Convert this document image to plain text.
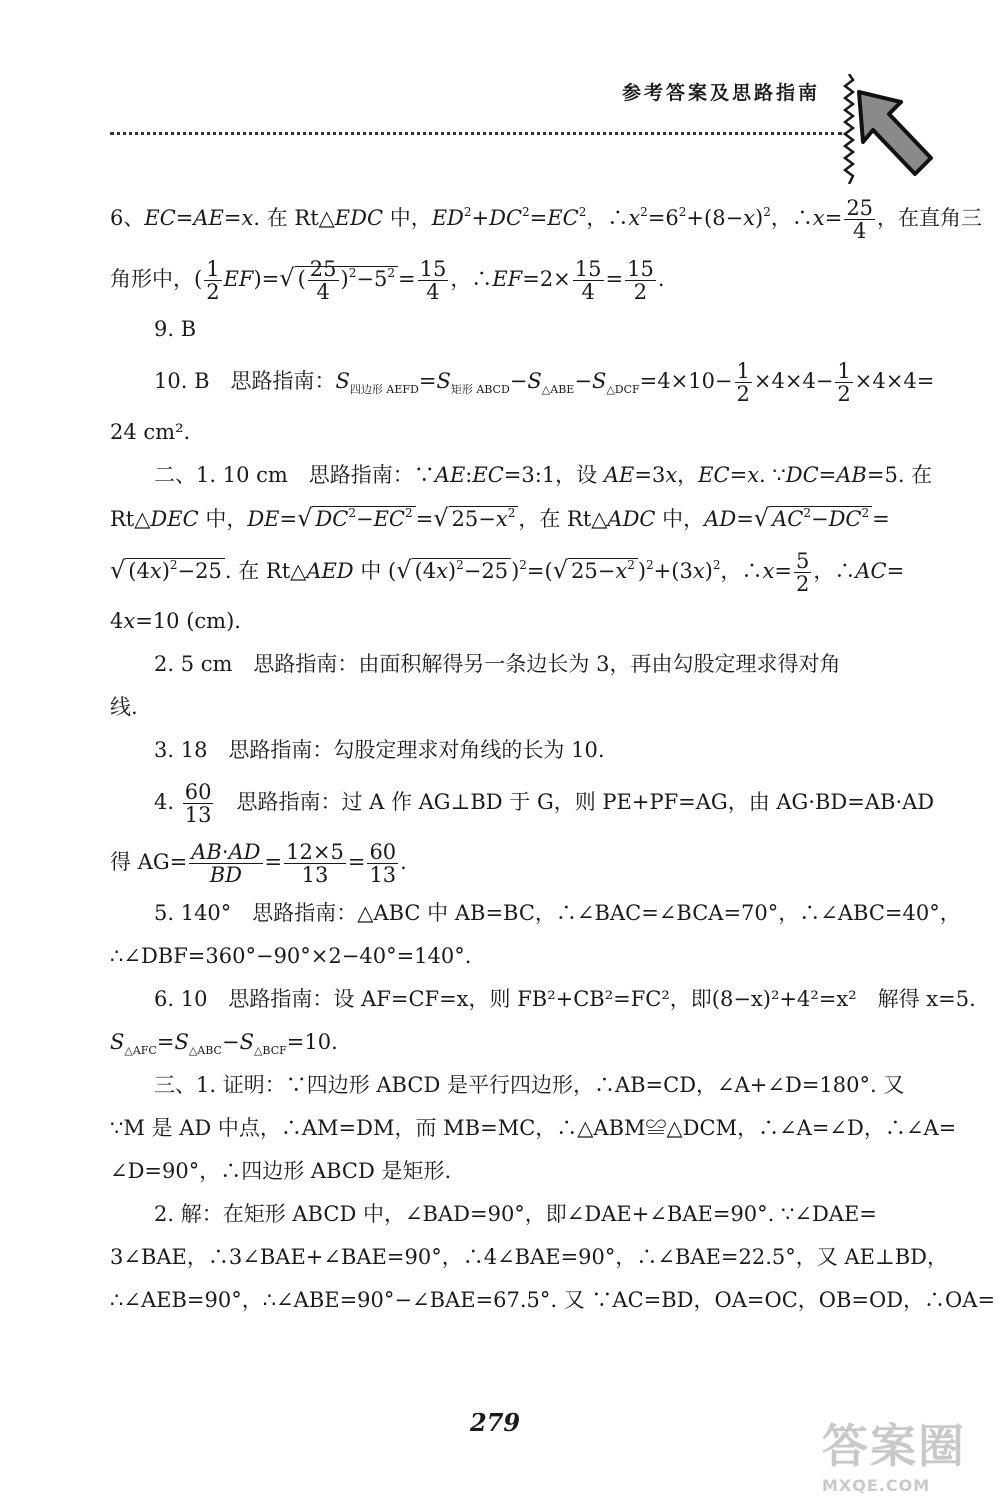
参考答案及思路指南
6、EC=AE=x. 在 Rt△EDC 中，$ED^2+DC^2=EC^2$，$\therefore x^2=6^2+(8-x)^2$，∴x= $\frac{25}{4}$ ，在直角三
角形中，( $\frac{1}{2} EF)=√$ ( $\frac{25}{4} )^2-5^2 = \frac{15}{4}$ ，∴EF=2× $\frac{15}{4} = \frac{15}{2}$ .
9. B
10. B　思路指南：$S_{四边形 AEFD}=S_{矩形 ABCD}-S_{\triangle ABE}-S_{\triangle DCF}=4\times 10- \frac{1}{2} \times 4\times 4- \frac{1}{2} \times 4\times 4=$
24 cm².
二、1. 10 cm　思路指南：∵AE:EC=3:1，设 AE=3x，EC=x. ∵DC=AB=5. 在
Rt△DEC 中，DE=√ $DC^2-EC^2$ =√ $25-x^2$ ，在 Rt△ADC 中，AD=√ $AC^2-DC^2$ =
√ $(4x)^2-25$ . 在 Rt△AED 中 (√ $(4x)^2-25$ )$^2$=(√ $25-x^2$ )$^2+(3x)^2$，∴x= $\frac{5}{2}$ ，∴AC=
4x=10 (cm).
2. 5 cm　思路指南：由面积解得另一条边长为 3，再由勾股定理求得对角
线.
3. 18　思路指南：勾股定理求对角线的长为 10.
4. $\frac{60}{13}$
　 思路指南：过 A 作 AG⊥BD 于 G，则 PE+PF=AG，由 AG·BD=AB·AD
得 $AG= \frac{AB\cdot AD}{BD} = \frac{12\times 5}{13} = \frac{60}{13}$ .
5. 140°　思路指南：△ABC 中 AB=BC，∴∠BAC=∠BCA=70°，∴∠ABC=40°，
∴∠DBF=360°−90°×2−40°=140°.
6. 10　思路指南：设 AF=CF=x，则 FB²+CB²=FC²，即(8−x)²+4²=x²　解得 x=5.
$S_{\triangle AFC}=S_{\triangle ABC}-S_{\triangle BCF}=10$.
三、1. 证明：∵四边形 ABCD 是平行四边形，∴AB=CD，∠A+∠D=180°. 又
∵M 是 AD 中点，∴AM=DM，而 MB=MC，∴△ABM≌△DCM，∴∠A=∠D，∴∠A=
∠D=90°，∴四边形 ABCD 是矩形.
2. 解：在矩形 ABCD 中，∠BAD=90°，即∠DAE+∠BAE=90°. ∵∠DAE=
3∠BAE，∴3∠BAE+∠BAE=90°，∴4∠BAE=90°，∴∠BAE=22.5°，又 AE⊥BD，
∴∠AEB=90°，∴∠ABE=90°−∠BAE=67.5°. 又 ∵AC=BD，OA=OC，OB=OD，∴OA=
279	答案圈
MXQE.COM
